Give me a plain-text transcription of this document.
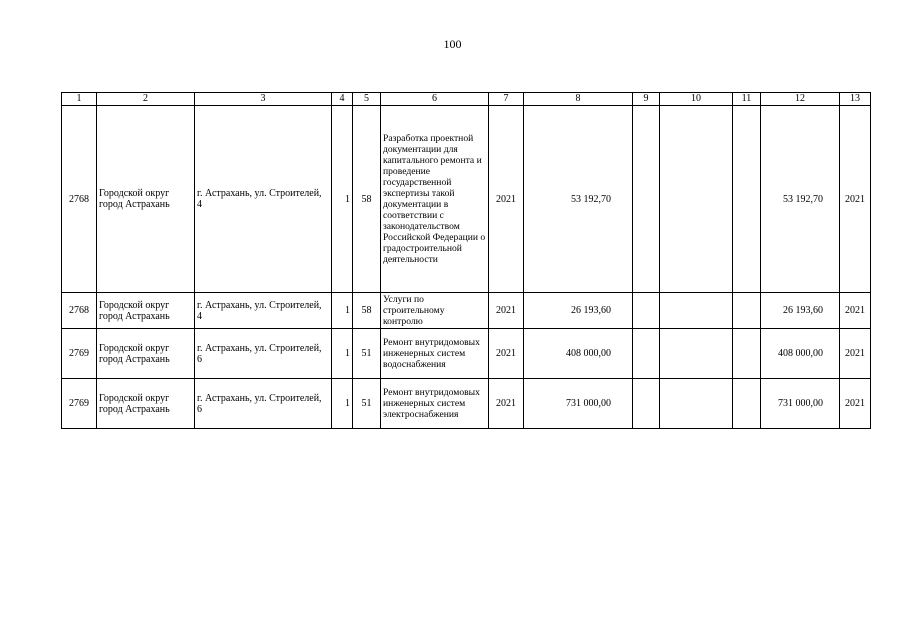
100
1	2	3	4	5	6	7	8	9	10	11	12	13
2768	Городской округ город Астрахань	г. Астрахань, ул. Строителей, 4	1	58	Разработка проектной документации для капитального ремонта и проведение государственной экспертизы такой документации в соответствии с законодательством Российской Федерации о градостроительной деятельности	2021	53 192,70				53 192,70	2021
2768	Городской округ город Астрахань	г. Астрахань, ул. Строителей, 4	1	58	Услуги по строительному контролю	2021	26 193,60				26 193,60	2021
2769	Городской округ город Астрахань	г. Астрахань, ул. Строителей, 6	1	51	Ремонт внутридомовых инженерных систем водоснабжения	2021	408 000,00				408 000,00	2021
2769	Городской округ город Астрахань	г. Астрахань, ул. Строителей, 6	1	51	Ремонт внутридомовых инженерных систем электроснабжения	2021	731 000,00				731 000,00	2021
